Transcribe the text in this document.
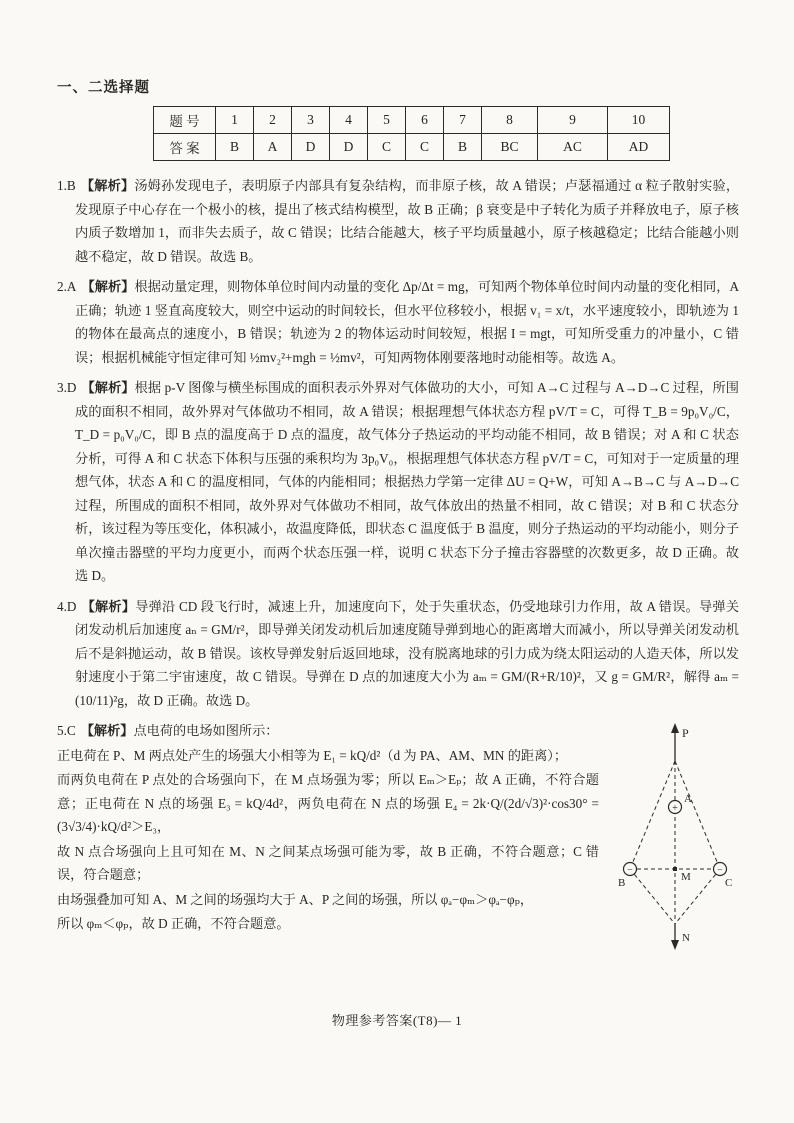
一、二选择题
题 号	1	2	3	4	5	6	7	8	9	10
答 案	B	A	D	D	C	C	B	BC	AC	AD
1.B 【解析】汤姆孙发现电子，表明原子内部具有复杂结构，而非原子核，故 A 错误；卢瑟福通过 α 粒子散射实验，发现原子中心存在一个极小的核，提出了核式结构模型，故 B 正确；β 衰变是中子转化为质子并释放电子，原子核内质子数增加 1，而非失去质子，故 C 错误；比结合能越大，核子平均质量越小，原子核越稳定；比结合能越小则越不稳定，故 D 错误。故选 B。
2.A 【解析】根据动量定理，则物体单位时间内动量的变化 Δp/Δt = mg，可知两个物体单位时间内动量的变化相同，A 正确；轨迹 1 竖直高度较大，则空中运动的时间较长，但水平位移较小，根据 v₁ = x/t，水平速度较小，即轨迹为 1 的物体在最高点的速度小，B 错误；轨迹为 2 的物体运动时间较短，根据 I = mgt，可知所受重力的冲量小，C 错误；根据机械能守恒定律可知 ½mv₂²+mgh = ½mv²，可知两物体刚要落地时动能相等。故选 A。
3.D 【解析】根据 p-V 图像与横坐标围成的面积表示外界对气体做功的大小，可知 A→C 过程与 A→D→C 过程，所围成的面积不相同，故外界对气体做功不相同，故 A 错误；根据理想气体状态方程 pV/T = C，可得 T_B = 9p₀V₀/C，T_D = p₀V₀/C，即 B 点的温度高于 D 点的温度，故气体分子热运动的平均动能不相同，故 B 错误；对 A 和 C 状态分析，可得 A 和 C 状态下体积与压强的乘积均为 3p₀V₀，根据理想气体状态方程 pV/T = C，可知对于一定质量的理想气体，状态 A 和 C 的温度相同，气体的内能相同；根据热力学第一定律 ΔU = Q+W，可知 A→B→C 与 A→D→C 过程，所围成的面积不相同，故外界对气体做功不相同，故气体放出的热量不相同，故 C 错误；对 B 和 C 状态分析，该过程为等压变化，体积减小，故温度降低，即状态 C 温度低于 B 温度，则分子热运动的平均动能小，则分子单次撞击器壁的平均力度更小，而两个状态压强一样，说明 C 状态下分子撞击容器壁的次数更多，故 D 正确。故选 D。
4.D 【解析】导弹沿 CD 段飞行时，减速上升，加速度向下，处于失重状态，仍受地球引力作用，故 A 错误。导弹关闭发动机后加速度 aₙ = GM/r²，即导弹关闭发动机后加速度随导弹到地心的距离增大而减小，所以导弹关闭发动机后不是斜抛运动，故 B 错误。该枚导弹发射后返回地球，没有脱离地球的引力成为绕太阳运动的人造天体，所以发射速度小于第二宇宙速度，故 C 错误。导弹在 D 点的加速度大小为 aₘ = GM/(R+R/10)²，又 g = GM/R²，解得 aₘ = (10/11)²g，故 D 正确。故选 D。
P
+
A
−
B
−
C
M
N
5.C 【解析】点电荷的电场如图所示：
正电荷在 P、M 两点处产生的场强大小相等为 E₁ = kQ/d²（d 为 PA、AM、MN 的距离）；
而两负电荷在 P 点处的合场强向下，在 M 点场强为零；所以 Eₘ＞Eₚ；故 A 正确，不符合题意；正电荷在 N 点的场强 E₃ = kQ/4d²，两负电荷在 N 点的场强 E₄ = 2k·Q/(2d/√3)²·cos30° = (3√3/4)·kQ/d²＞E₃，
故 N 点合场强向上且可知在 M、N 之间某点场强可能为零，故 B 正确，不符合题意；C 错误，符合题意；
由场强叠加可知 A、M 之间的场强均大于 A、P 之间的场强，所以 φₐ−φₘ＞φₐ−φₚ，
所以 φₘ＜φₚ，故 D 正确，不符合题意。
物理参考答案(T8)— 1
